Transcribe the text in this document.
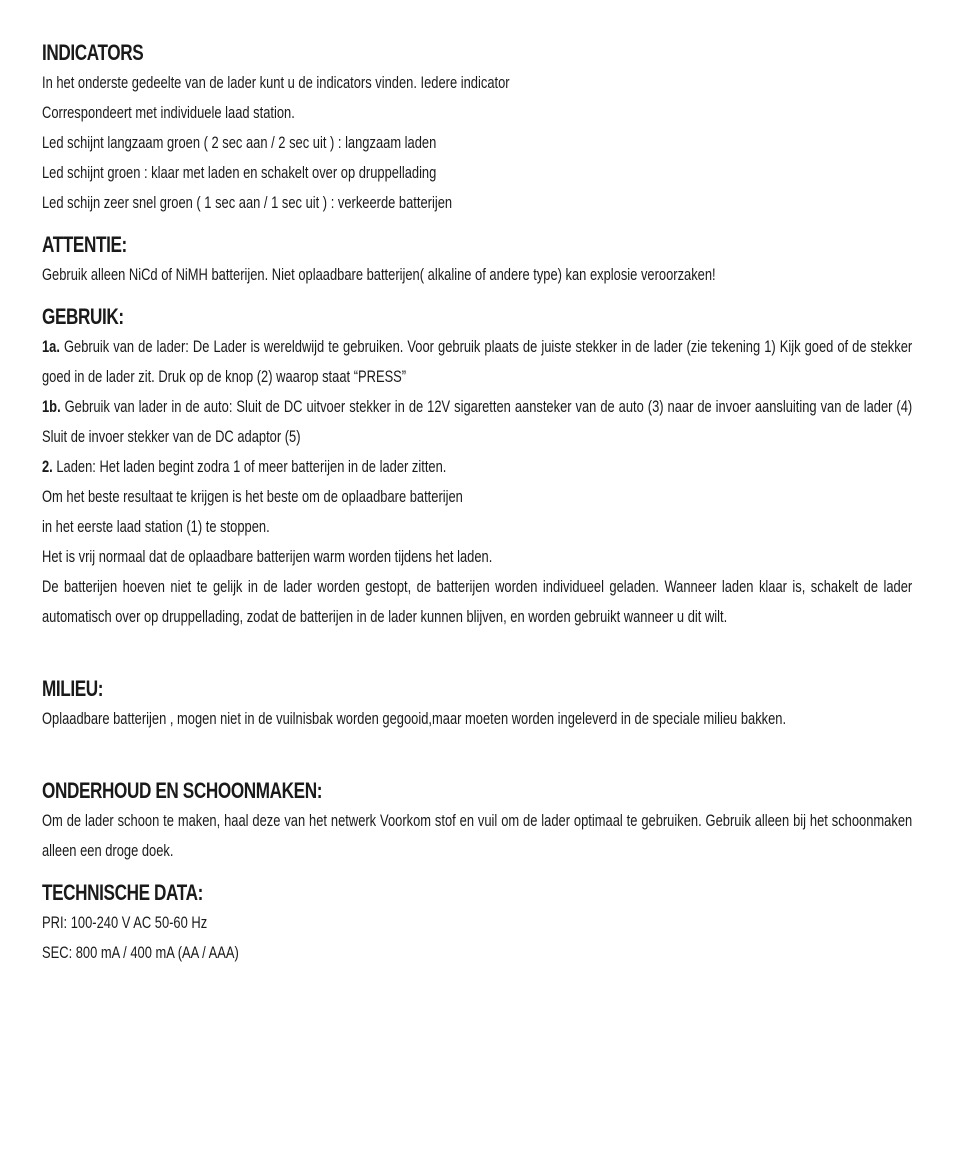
INDICATORS
In het onderste gedeelte van de lader kunt u de indicators vinden. Iedere indicator
Correspondeert met individuele laad station.
Led schijnt langzaam groen ( 2 sec aan / 2 sec uit ) : langzaam laden
Led schijnt groen : klaar met laden en schakelt over op druppellading
Led schijn zeer snel groen ( 1 sec aan / 1 sec uit ) : verkeerde batterijen
ATTENTIE:
Gebruik alleen NiCd of NiMH batterijen. Niet oplaadbare batterijen( alkaline of andere type) kan explosie veroorzaken!
GEBRUIK:
1a. Gebruik van de lader: De Lader is wereldwijd te gebruiken. Voor gebruik plaats de juiste stekker in de lader (zie tekening 1) Kijk goed of de stekker goed in de lader zit. Druk op de knop (2) waarop staat “PRESS”
1b. Gebruik van lader in de auto: Sluit de DC uitvoer stekker in de 12V sigaretten aansteker van de auto (3) naar de invoer aansluiting van de lader (4) Sluit de invoer stekker van de DC adaptor (5)
2. Laden: Het laden begint zodra 1 of meer batterijen in de lader zitten.
Om het beste resultaat te krijgen is het beste om de oplaadbare batterijen
in het eerste laad station (1) te stoppen.
Het is vrij normaal dat de oplaadbare batterijen warm worden tijdens het laden.
De batterijen hoeven niet te gelijk in de lader worden gestopt, de batterijen worden individueel geladen. Wanneer laden klaar is, schakelt de lader automatisch over op druppellading, zodat de batterijen in de lader kunnen blijven, en worden gebruikt wanneer u dit wilt.
MILIEU:
Oplaadbare batterijen , mogen niet in de vuilnisbak worden gegooid,maar moeten worden ingeleverd in de speciale milieu bakken.
ONDERHOUD EN SCHOONMAKEN:
Om de lader schoon te maken, haal deze van het netwerk Voorkom stof en vuil om de lader optimaal te gebruiken. Gebruik alleen bij het schoonmaken alleen een droge doek.
TECHNISCHE DATA:
PRI: 100-240 V AC 50-60 Hz
SEC: 800 mA / 400 mA (AA / AAA)
